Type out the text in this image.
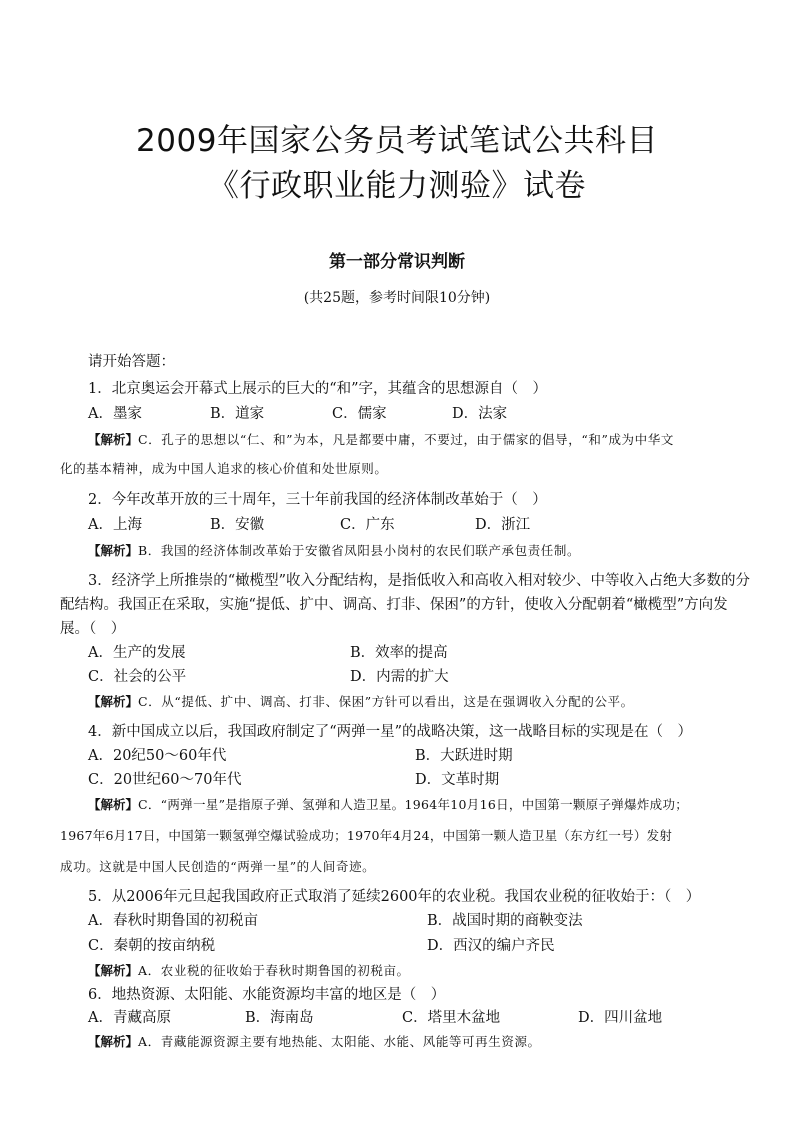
2009年国家公务员考试笔试公共科目
《行政职业能力测验》试卷
第一部分常识判断
(共25题，参考时间限10分钟)
请开始答题：
1．北京奥运会开幕式上展示的巨大的“和”字，其蕴含的思想源自（　）
A．墨家	B．道家	C．儒家	D．法家
【解析】C．孔子的思想以“仁、和”为本，凡是都要中庸，不要过，由于儒家的倡导，“和”成为中华文
化的基本精神，成为中国人追求的核心价值和处世原则。
2．今年改革开放的三十周年，三十年前我国的经济体制改革始于（　）
A．上海	B．安徽	C．广东	D．浙江
【解析】B．我国的经济体制改革始于安徽省凤阳县小岗村的农民们联产承包责任制。
3．经济学上所推崇的“橄榄型”收入分配结构，是指低收入和高收入相对较少、中等收入占绝大多数的分
配结构。我国正在采取，实施“提低、扩中、调高、打非、保困”的方针，使收入分配朝着“橄榄型”方向发
展。（　）
A．生产的发展	B．效率的提高
C．社会的公平	D．内需的扩大
【解析】C．从“提低、扩中、调高、打非、保困”方针可以看出，这是在强调收入分配的公平。
4．新中国成立以后，我国政府制定了“两弹一星”的战略决策，这一战略目标的实现是在（　）
A．20纪50～60年代	B．大跃进时期
C．20世纪60～70年代	D．文革时期
【解析】C．“两弹一星”是指原子弹、氢弹和人造卫星。1964年10月16日，中国第一颗原子弹爆炸成功；
1967年6月17日，中国第一颗氢弹空爆试验成功；1970年4月24，中国第一颗人造卫星（东方红一号）发射
成功。这就是中国人民创造的“两弹一星”的人间奇迹。
5．从2006年元旦起我国政府正式取消了延续2600年的农业税。我国农业税的征收始于：（　）
A．春秋时期鲁国的初税亩	B．战国时期的商鞅变法
C．秦朝的按亩纳税	D．西汉的编户齐民
【解析】A．农业税的征收始于春秋时期鲁国的初税亩。
6．地热资源、太阳能、水能资源均丰富的地区是（　）
A．青藏高原	B．海南岛	C．塔里木盆地	D．四川盆地
【解析】A．青藏能源资源主要有地热能、太阳能、水能、风能等可再生资源。
